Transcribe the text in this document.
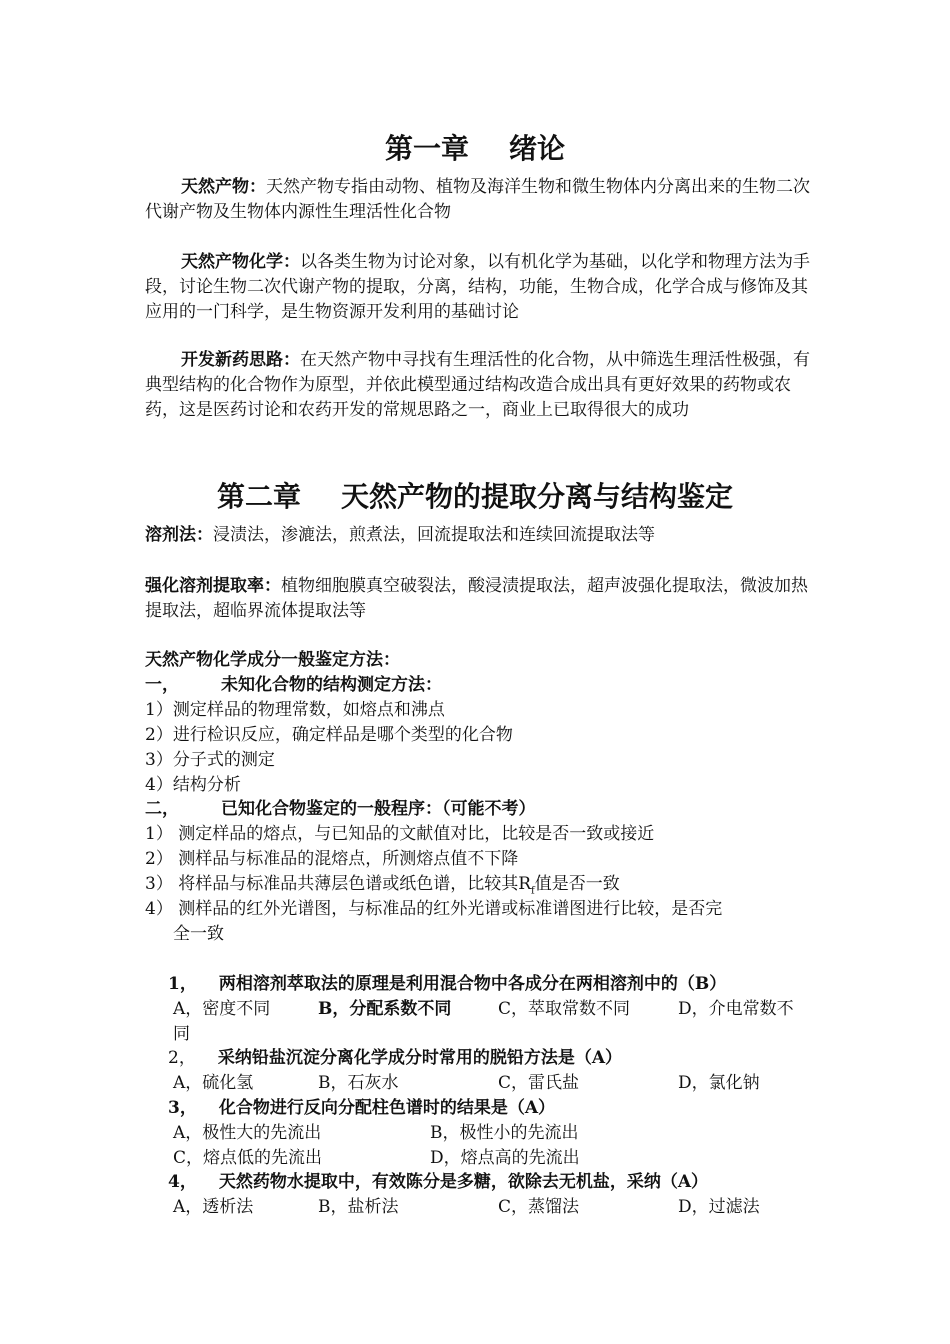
第一章 绪论
天然产物：天然产物专指由动物、植物及海洋生物和微生物体内分离出来的生物二次代谢产物及生物体内源性生理活性化合物
天然产物化学：以各类生物为讨论对象，以有机化学为基础，以化学和物理方法为手段，讨论生物二次代谢产物的提取，分离，结构，功能，生物合成，化学合成与修饰及其应用的一门科学，是生物资源开发利用的基础讨论
开发新药思路：在天然产物中寻找有生理活性的化合物，从中筛选生理活性极强，有典型结构的化合物作为原型，并依此模型通过结构改造合成出具有更好效果的药物或农药，这是医药讨论和农药开发的常规思路之一，商业上已取得很大的成功
第二章 天然产物的提取分离与结构鉴定
溶剂法：浸渍法，渗漉法，煎煮法，回流提取法和连续回流提取法等
强化溶剂提取率：植物细胞膜真空破裂法，酸浸渍提取法，超声波强化提取法，微波加热提取法，超临界流体提取法等
天然产物化学成分一般鉴定方法：
一， 未知化合物的结构测定方法：
1）测定样品的物理常数，如熔点和沸点
2）进行检识反应，确定样品是哪个类型的化合物
3）分子式的测定
4）结构分析
二， 已知化合物鉴定的一般程序：（可能不考）
1） 测定样品的熔点，与已知品的文献值对比，比较是否一致或接近
2） 测样品与标准品的混熔点，所测熔点值不下降
3） 将样品与标准品共薄层色谱或纸色谱，比较其$R_f$值是否一致
4） 测样品的红外光谱图，与标准品的红外光谱或标准谱图进行比较，是否完
全一致
1， 两相溶剂萃取法的原理是利用混合物中各成分在两相溶剂中的（B）
A，密度不同	B，分配系数不同	C，萃取常数不同	D，介电常数不
同
2， 采纳铅盐沉淀分离化学成分时常用的脱铅方法是（A）
A，硫化氢	B，石灰水	C，雷氏盐	D，氯化钠
3， 化合物进行反向分配柱色谱时的结果是（A）
A，极性大的先流出	B，极性小的先流出
C，熔点低的先流出	D，熔点高的先流出
4， 天然药物水提取中，有效陈分是多糖，欲除去无机盐，采纳（A）
A，透析法	B，盐析法	C，蒸馏法	D，过滤法
